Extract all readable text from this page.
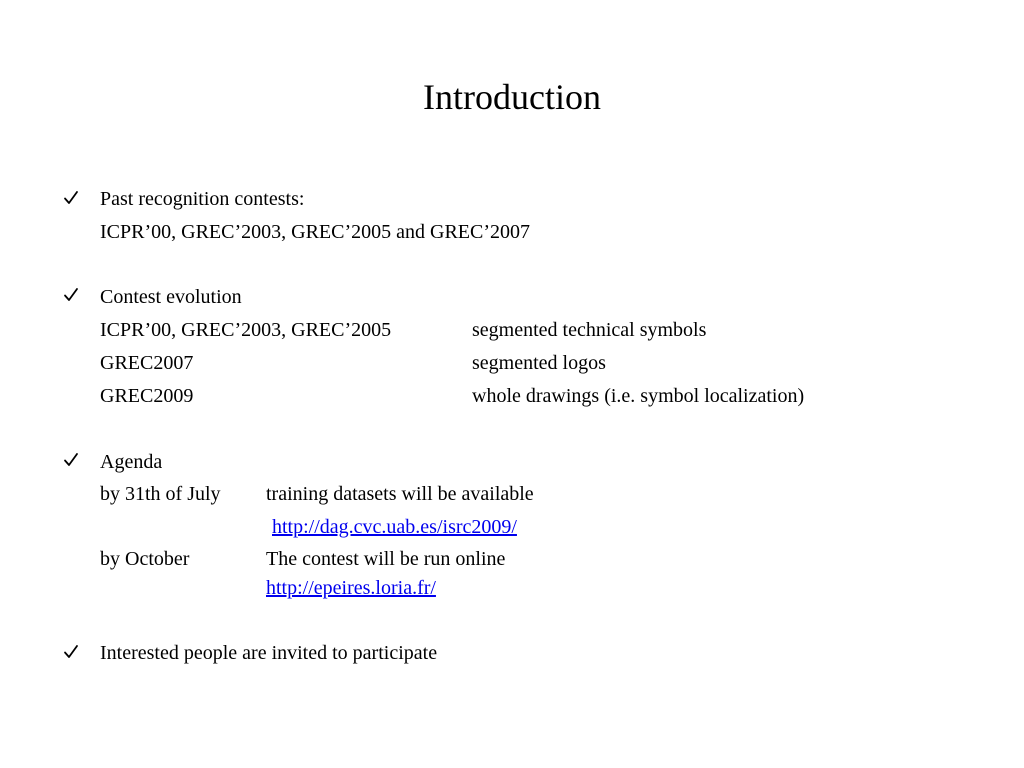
Introduction
Past recognition contests:
ICPR’00, GREC’2003, GREC’2005 and GREC’2007
Contest evolution
ICPR’00, GREC’2003, GREC’2005	segmented technical symbols
GREC2007	segmented logos
GREC2009	whole drawings (i.e. symbol localization)
Agenda
by 31th of July training datasets will be available
http://dag.cvc.uab.es/isrc2009/
by October	The contest will be run online
http://epeires.loria.fr/
Interested people are invited to participate
